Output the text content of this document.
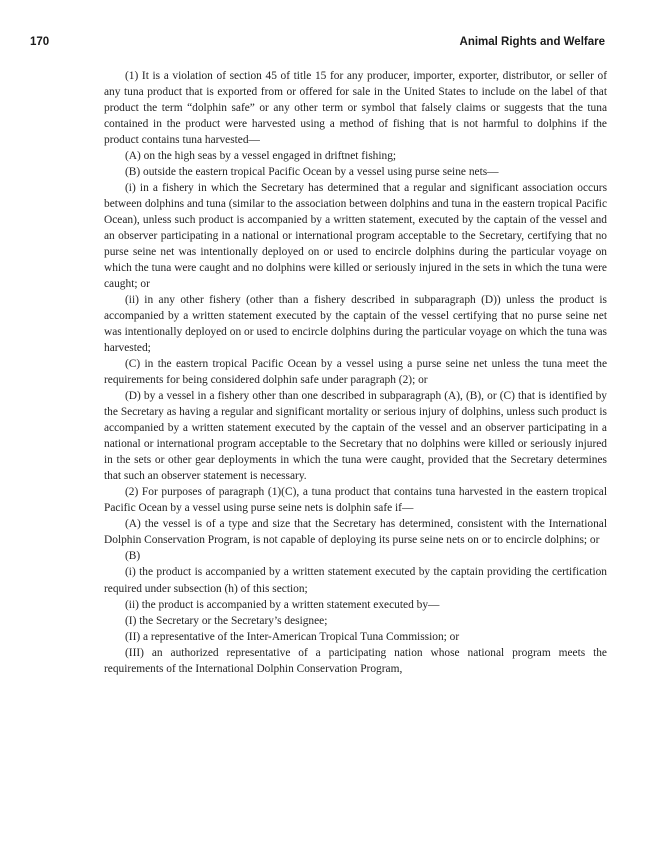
170	Animal Rights and Welfare

(1) It is a violation of section 45 of title 15 for any producer, importer, exporter, distributor, or seller of any tuna product that is exported from or offered for sale in the United States to include on the label of that product the term “dolphin safe” or any other term or symbol that falsely claims or suggests that the tuna contained in the product were harvested using a method of fishing that is not harmful to dolphins if the product contains tuna harvested—

(A) on the high seas by a vessel engaged in driftnet fishing;

(B) outside the eastern tropical Pacific Ocean by a vessel using purse seine nets—

(i) in a fishery in which the Secretary has determined that a regular and significant association occurs between dolphins and tuna (similar to the association between dolphins and tuna in the eastern tropical Pacific Ocean), unless such product is accompanied by a written statement, executed by the captain of the vessel and an observer participating in a national or international program acceptable to the Secretary, certifying that no purse seine net was intentionally deployed on or used to encircle dolphins during the particular voyage on which the tuna were caught and no dolphins were killed or seriously injured in the sets in which the tuna were caught; or

(ii) in any other fishery (other than a fishery described in subparagraph (D)) unless the product is accompanied by a written statement executed by the captain of the vessel certifying that no purse seine net was intentionally deployed on or used to encircle dolphins during the particular voyage on which the tuna was harvested;

(C) in the eastern tropical Pacific Ocean by a vessel using a purse seine net unless the tuna meet the requirements for being considered dolphin safe under paragraph (2); or

(D) by a vessel in a fishery other than one described in subparagraph (A), (B), or (C) that is identified by the Secretary as having a regular and significant mortality or serious injury of dolphins, unless such product is accompanied by a written statement executed by the captain of the vessel and an observer participating in a national or international program acceptable to the Secretary that no dolphins were killed or seriously injured in the sets or other gear deployments in which the tuna were caught, provided that the Secretary determines that such an observer statement is necessary.

(2) For purposes of paragraph (1)(C), a tuna product that contains tuna harvested in the eastern tropical Pacific Ocean by a vessel using purse seine nets is dolphin safe if—

(A) the vessel is of a type and size that the Secretary has determined, consistent with the International Dolphin Conservation Program, is not capable of deploying its purse seine nets on or to encircle dolphins; or

(B)

(i) the product is accompanied by a written statement executed by the captain providing the certification required under subsection (h) of this section;

(ii) the product is accompanied by a written statement executed by—

(I) the Secretary or the Secretary’s designee;

(II) a representative of the Inter-American Tropical Tuna Commission; or

(III) an authorized representative of a participating nation whose national program meets the requirements of the International Dolphin Conservation Program,
